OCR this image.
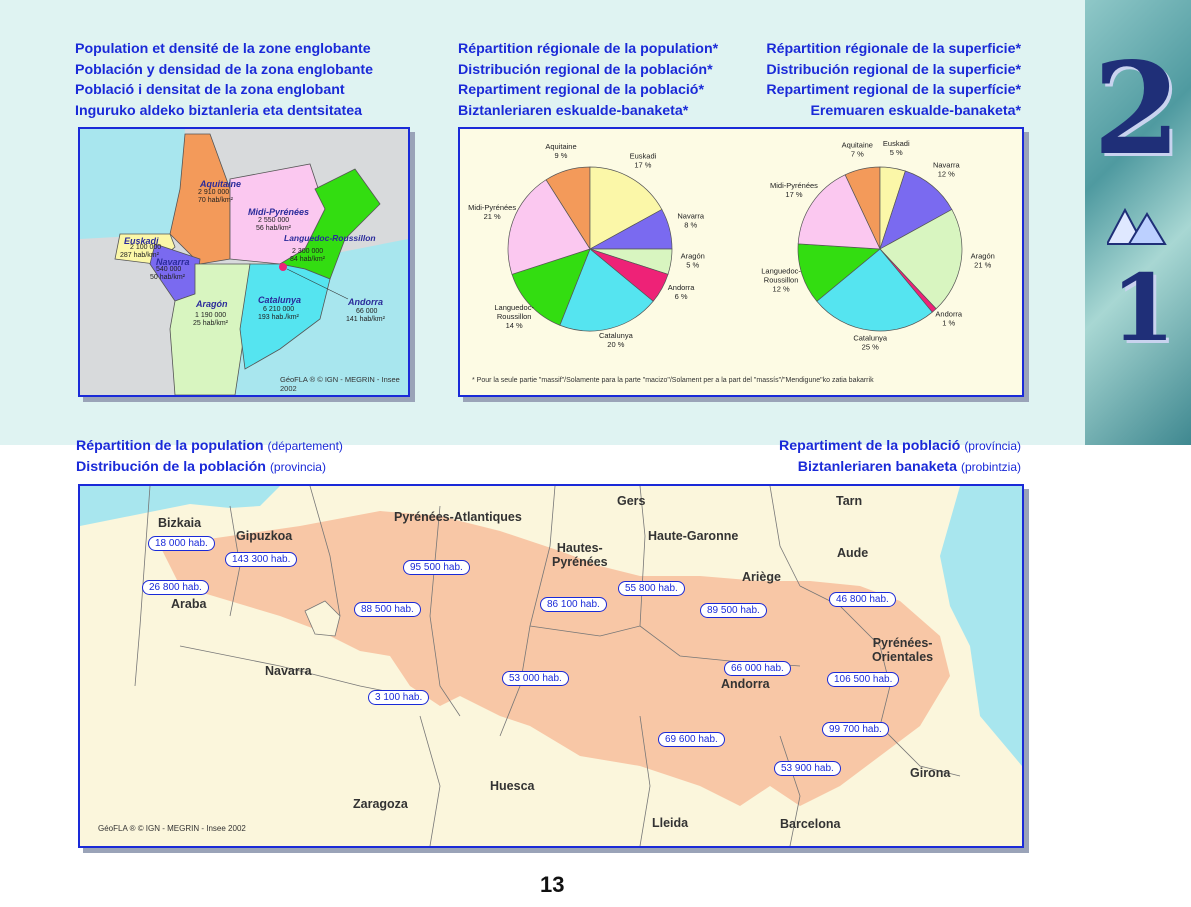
2
1
Population et densité de la zone englobante
Población y densidad de la zona englobante
Població i densitat de la zona englobant
Inguruko aldeko biztanleria eta dentsitatea
Répartition régionale de la population*
Distribución regional de la población*
Repartiment regional de la població*
Biztanleriaren eskualde-banaketa*
Répartition régionale de la superficie*
Distribución regional de la superficie*
Repartiment regional de la superfície*
Eremuaren eskualde-banaketa*
Aquitaine
2 910 000
70 hab/km²
Midi-Pyrénées
2 550 000
56 hab/km²
Languedoc-Roussillon
2 300 000
84 hab/km²
Euskadi
2 100 000
287 hab/km²
Navarra
540 000
50 hab/km²
Aragón
1 190 000
25 hab/km²
Catalunya
6 210 000
193 hab./km²
Andorra
66 000
141 hab/km²
GéoFLA ® © IGN - MEGRIN - Insee 2002
Aquitaine 9 %	Euskadi 17 %
Navarra 8 %
Aragón 5 %
Andorra 6 %
Catalunya 20 %
Languedoc-Roussillon 14 %
Midi-Pyrénées 21 %
Aquitaine 7 %
Euskadi 5 %
Navarra 12 %
Aragón 21 %
Andorra 1 %
Catalunya 25 %
Languedoc-Roussillon 12 %
Midi-Pyrénées 17 %
* Pour la seule partie "massif"/Solamente para la parte "macizo"/Solament per a la part del "massís"/"Mendigune"ko zatia bakarrik
Répartition de la population (département)
Distribución de la población (provincia)
Repartiment de la població (província)
Biztanleriaren banaketa (probintzia)
Bizkaia
Gipuzkoa
Araba
Navarra
Pyrénées-Atlantiques
Hautes-
Pyrénées
Gers
Haute-Garonne
Ariège
Tarn
Aude
Pyrénées-
Orientales
Andorra
Girona
Barcelona
Lleida
Huesca
Zaragoza
18 000 hab.
143 300 hab.
26 800 hab.
95 500 hab.
88 500 hab.	86 100 hab.
55 800 hab.
89 500 hab.
46 800 hab.
66 000 hab.
106 500 hab.
53 000 hab.
3 100 hab.
69 600 hab.
99 700 hab.
53 900 hab.
GéoFLA ® © IGN - MEGRIN - Insee 2002
13
